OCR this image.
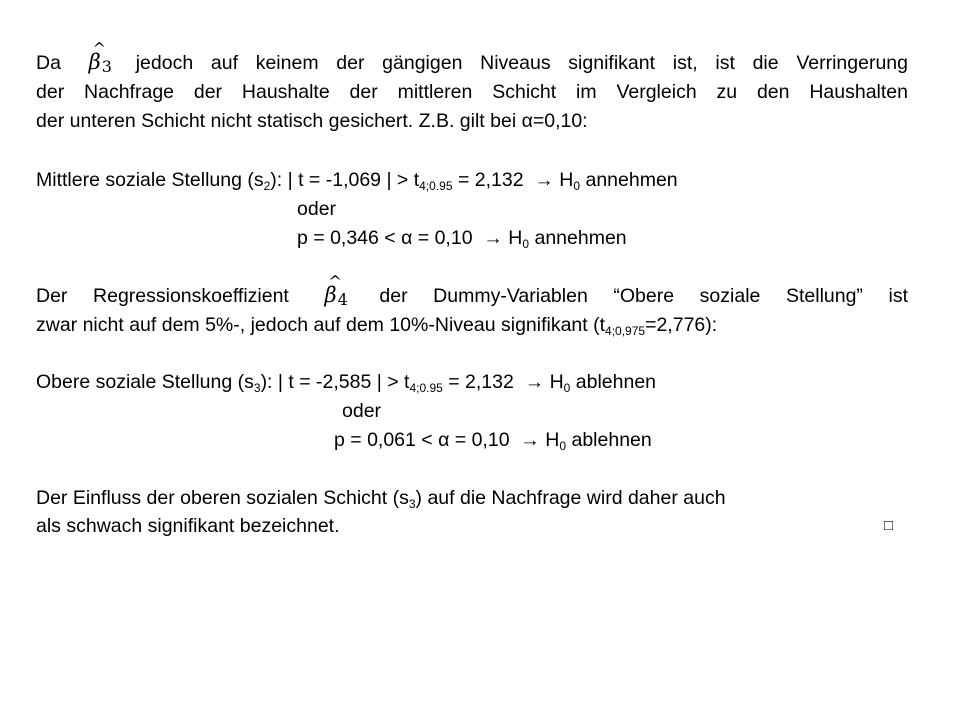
Da
^
β3 jedoch auf keinem der gängigen Niveaus signifikant ist, ist die Verringerung
der Nachfrage der Haushalte der mittleren Schicht im Vergleich zu den Haushalten
der unteren Schicht nicht statisch gesichert. Z.B. gilt bei α=0,10:
Mittlere soziale Stellung $(s_2)$: | t = -1,069 | > $t_{4;0.95} = 2,132 \to H_0$ annehmen
oder
$p = 0,346 < \alpha = 0,10 \to H_0$ annehmen
Der Regressionskoeffizient
^
β4 der Dummy-Variablen “Obere soziale Stellung” ist
zwar nicht auf dem 5%-, jedoch auf dem 10%-Niveau signifikant $(t_{4;0,975}=2,776)$:
Obere soziale Stellung $(s_3)$: | t = -2,585 | > $t_{4;0.95} = 2,132 \to H_0$ ablehnen
oder
$p = 0,061 < \alpha = 0,10 \to H_0$ ablehnen
Der Einfluss der oberen sozialen Schicht $(s_3)$ auf die Nachfrage wird daher auch
als schwach signifikant bezeichnet.	□
